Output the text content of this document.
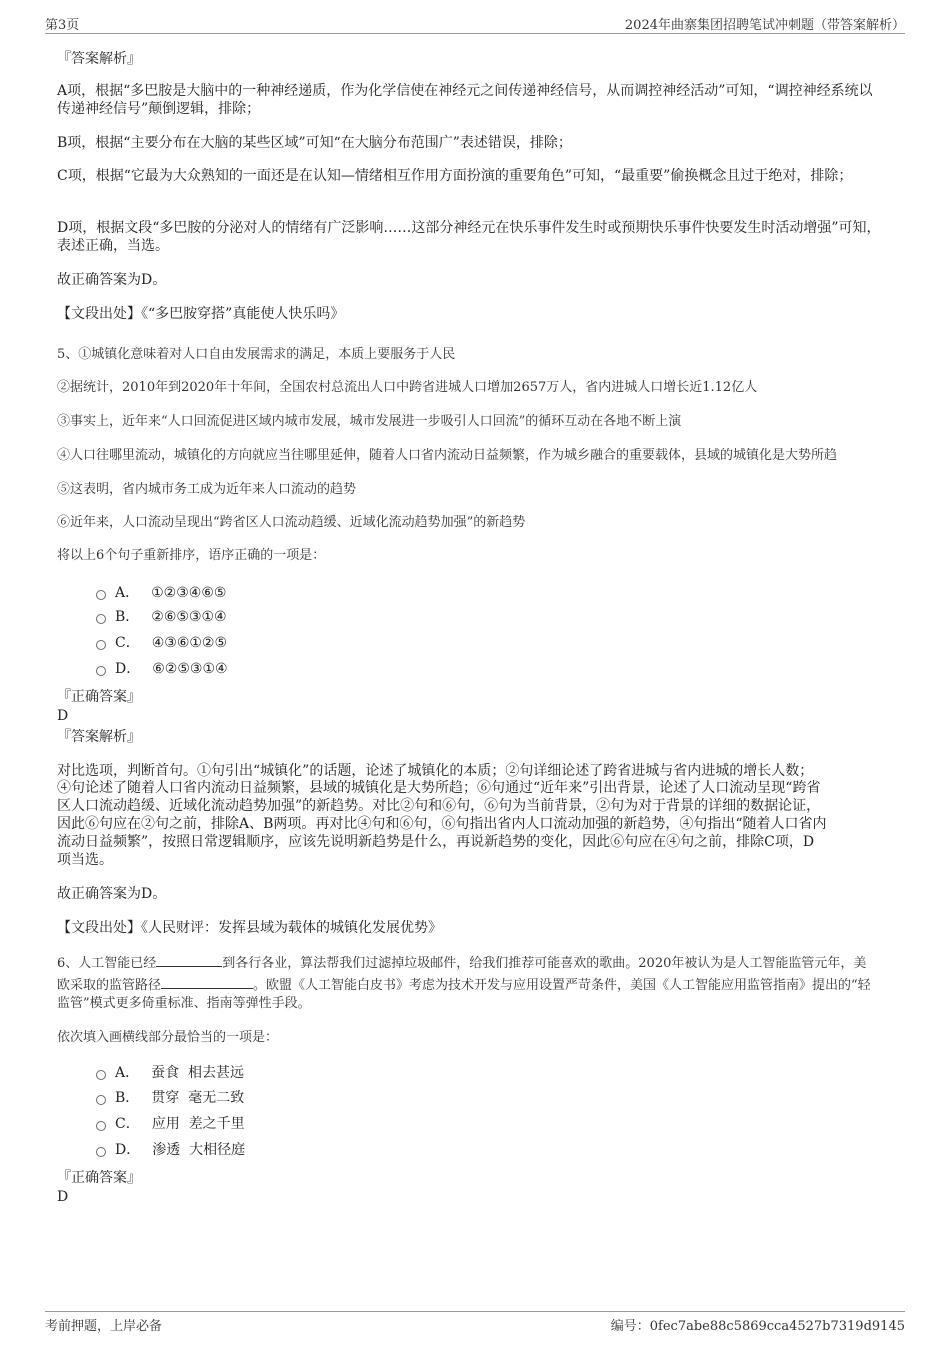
第3页	2024年曲寨集团招聘笔试冲刺题（带答案解析）
『答案解析』
A项，根据“多巴胺是大脑中的一种神经递质，作为化学信使在神经元之间传递神经信号，从而调控神经活动”可知，“调控神经系统以传递神经信号”颠倒逻辑，排除；
B项，根据“主要分布在大脑的某些区域”可知“在大脑分布范围广”表述错误，排除；
C项，根据“它最为大众熟知的一面还是在认知—情绪相互作用方面扮演的重要角色”可知，“最重要”偷换概念且过于绝对，排除；
D项，根据文段“多巴胺的分泌对人的情绪有广泛影响……这部分神经元在快乐事件发生时或预期快乐事件快要发生时活动增强”可知，表述正确，当选。
故正确答案为D。
【文段出处】《“多巴胺穿搭”真能使人快乐吗》
5、①城镇化意味着对人口自由发展需求的满足，本质上要服务于人民
②据统计，2010年到2020年十年间，全国农村总流出人口中跨省进城人口增加2657万人，省内进城人口增长近1.12亿人
③事实上，近年来“人口回流促进区域内城市发展，城市发展进一步吸引人口回流”的循环互动在各地不断上演
④人口往哪里流动，城镇化的方向就应当往哪里延伸，随着人口省内流动日益频繁，作为城乡融合的重要载体，县域的城镇化是大势所趋
⑤这表明，省内城市务工成为近年来人口流动的趋势
⑥近年来，人口流动呈现出“跨省区人口流动趋缓、近域化流动趋势加强”的新趋势
将以上6个句子重新排序，语序正确的一项是：
A． ①②③④⑥⑤
B． ②⑥⑤③①④
C． ④③⑥①②⑤
D． ⑥②⑤③①④
『正确答案』
D
『答案解析』
对比选项，判断首句。①句引出“城镇化”的话题，论述了城镇化的本质；②句详细论述了跨省进城与省内进城的增长人数；
④句论述了随着人口省内流动日益频繁，县域的城镇化是大势所趋；⑥句通过“近年来”引出背景，论述了人口流动呈现“跨省
区人口流动趋缓、近域化流动趋势加强”的新趋势。对比②句和⑥句，⑥句为当前背景，②句为对于背景的详细的数据论证，
因此⑥句应在②句之前，排除A、B两项。再对比④句和⑥句，⑥句指出省内人口流动加强的新趋势，④句指出“随着人口省内
流动日益频繁”，按照日常逻辑顺序，应该先说明新趋势是什么，再说新趋势的变化，因此⑥句应在④句之前，排除C项，D
项当选。
故正确答案为D。
【文段出处】《人民财评：发挥县域为载体的城镇化发展优势》
6、人工智能已经	到各行各业，算法帮我们过滤掉垃圾邮件，给我们推荐可能喜欢的歌曲。2020年被认为是人工智能监管元年，美
欧采取的监管路径	。欧盟《人工智能白皮书》考虑为技术开发与应用设置严苛条件，美国《人工智能应用监管指南》提出的“轻
监管”模式更多倚重标准、指南等弹性手段。
依次填入画横线部分最恰当的一项是：
A． 蚕食  相去甚远
B． 贯穿  毫无二致
C． 应用  差之千里
D． 渗透  大相径庭
『正确答案』
D
考前押题，上岸必备	编号：0fec7abe88c5869cca4527b7319d9145
